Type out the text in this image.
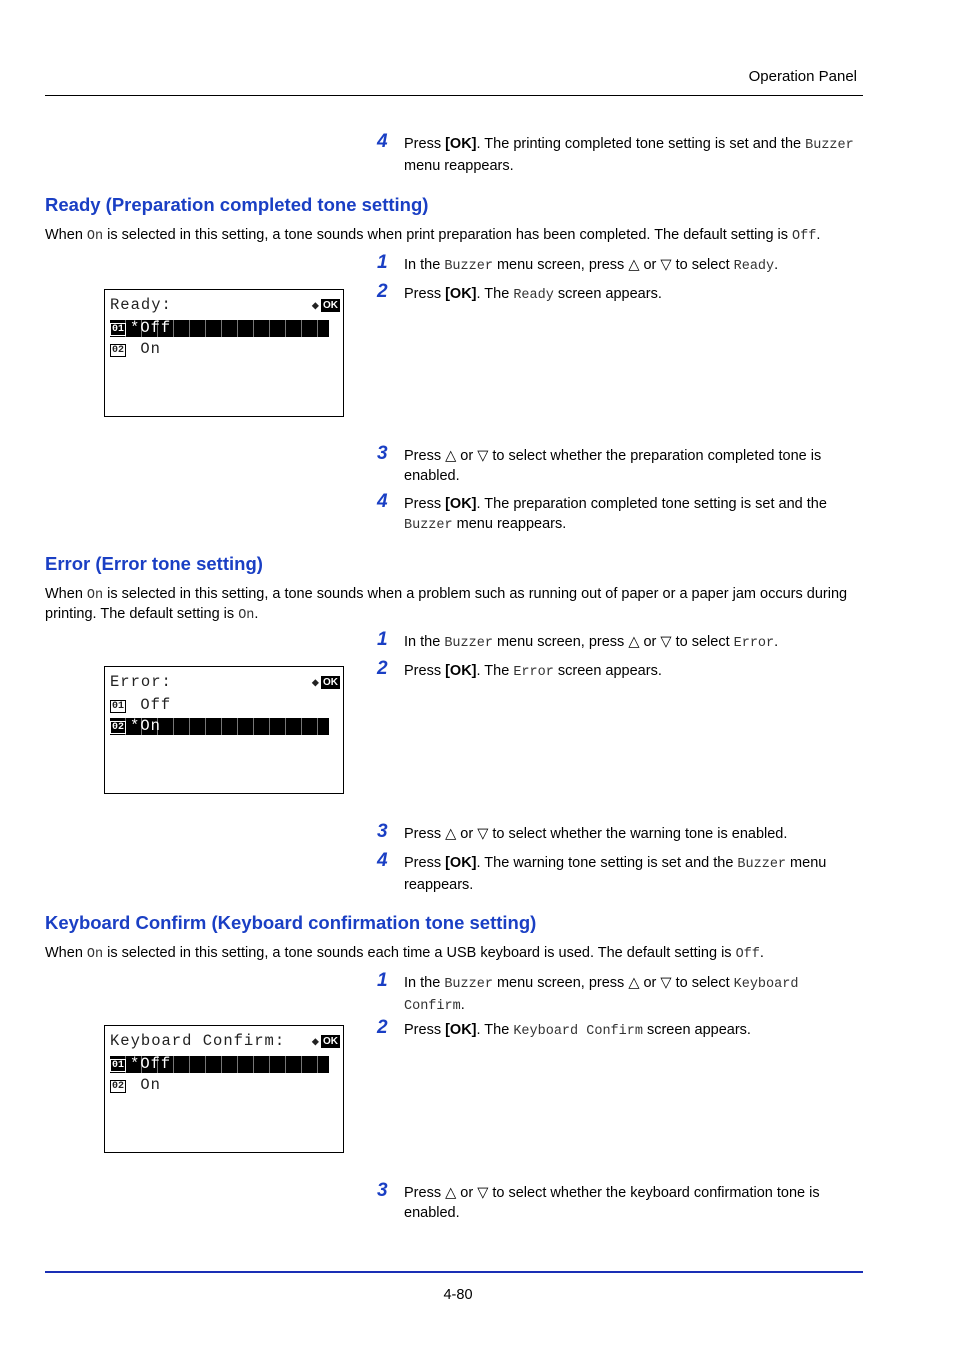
Operation Panel
4-80
4 Press [OK]. The printing completed tone setting is set and the Buzzer menu reappears.
Ready (Preparation completed tone setting)
When On is selected in this setting, a tone sounds when print preparation has been completed. The default setting is Off.
1 In the Buzzer menu screen, press △ or ▽ to select Ready.
2 Press [OK]. The Ready screen appears.
3 Press △ or ▽ to select whether the preparation completed tone is enabled.
4 Press [OK]. The preparation completed tone setting is set and the Buzzer menu reappears.
Ready:	◆ OK
01 *Off
02 On
Error (Error tone setting)
When On is selected in this setting, a tone sounds when a problem such as running out of paper or a paper jam occurs during printing. The default setting is On.
1 In the Buzzer menu screen, press △ or ▽ to select Error.
2 Press [OK]. The Error screen appears.
3 Press △ or ▽ to select whether the warning tone is enabled.
4 Press [OK]. The warning tone setting is set and the Buzzer menu reappears.
Error:	◆ OK
01 Off
02 *On
Keyboard Confirm (Keyboard confirmation tone setting)
When On is selected in this setting, a tone sounds each time a USB keyboard is used. The default setting is Off.
1 In the Buzzer menu screen, press △ or ▽ to select Keyboard Confirm.
2 Press [OK]. The Keyboard Confirm screen appears.
3 Press △ or ▽ to select whether the keyboard confirmation tone is enabled.
Keyboard Confirm: ◆ OK
01 *Off
02 On
